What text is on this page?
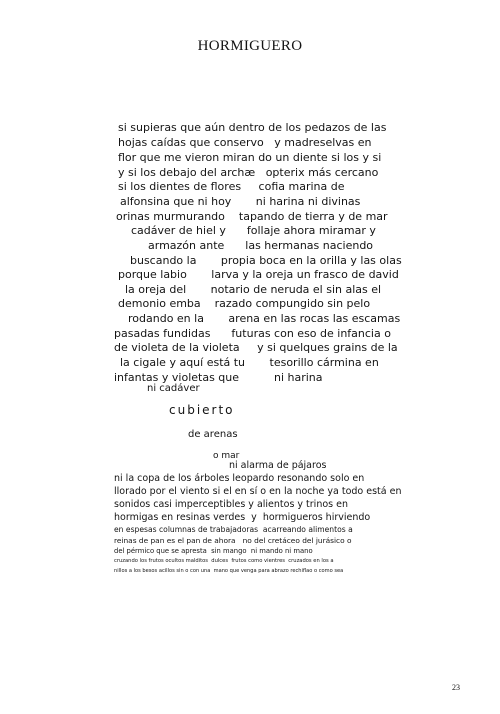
HORMIGUERO
si supieras que aún dentro de los pedazos de las
hojas caídas que conservo   y madreselvas en
flor que me vieron miran do un diente si los y si
y si los debajo del archæ   opterix más cercano
si los dientes de flores     cofia marina de
alfonsina que ni hoy       ni harina ni divinas
orinas murmurando    tapando de tierra y de mar
cadáver de hiel y      follaje ahora miramar y
armazón ante      las hermanas naciendo
buscando la       propia boca en la orilla y las olas
porque labio       larva y la oreja un frasco de david
la oreja del       notario de neruda el sin alas el
demonio emba    razado compungido sin pelo
rodando en la       arena en las rocas las escamas
pasadas fundidas      futuras con eso de infancia o
de violeta de la violeta     y si quelques grains de la
la cigale y aquí está tu       tesorillo cármina en
infantas y violetas que          ni harina
ni cadáver
cubierto
de arenas
o mar
ni alarma de pájaros
ni la copa de los árboles leopardo resonando solo en
llorado por el viento si el en sí o en la noche ya todo está en
sonidos casi imperceptibles y alientos y trinos en
hormigas en resinas verdes  y  hormigueros hirviendo
en espesas columnas de trabajadoras  acarreando alimentos a
reinas de pan es el pan de ahora   no del cretáceo del jurásico o
del pérmico que se apresta  sin mango  ni mando ni mano
cruzando los frutos ocultos malditos  dulces  frutos como vientres  cruzados en los a
nillos a los besos acillos sin o con una  mano que venga para abrazo rechiflao o como sea
23
